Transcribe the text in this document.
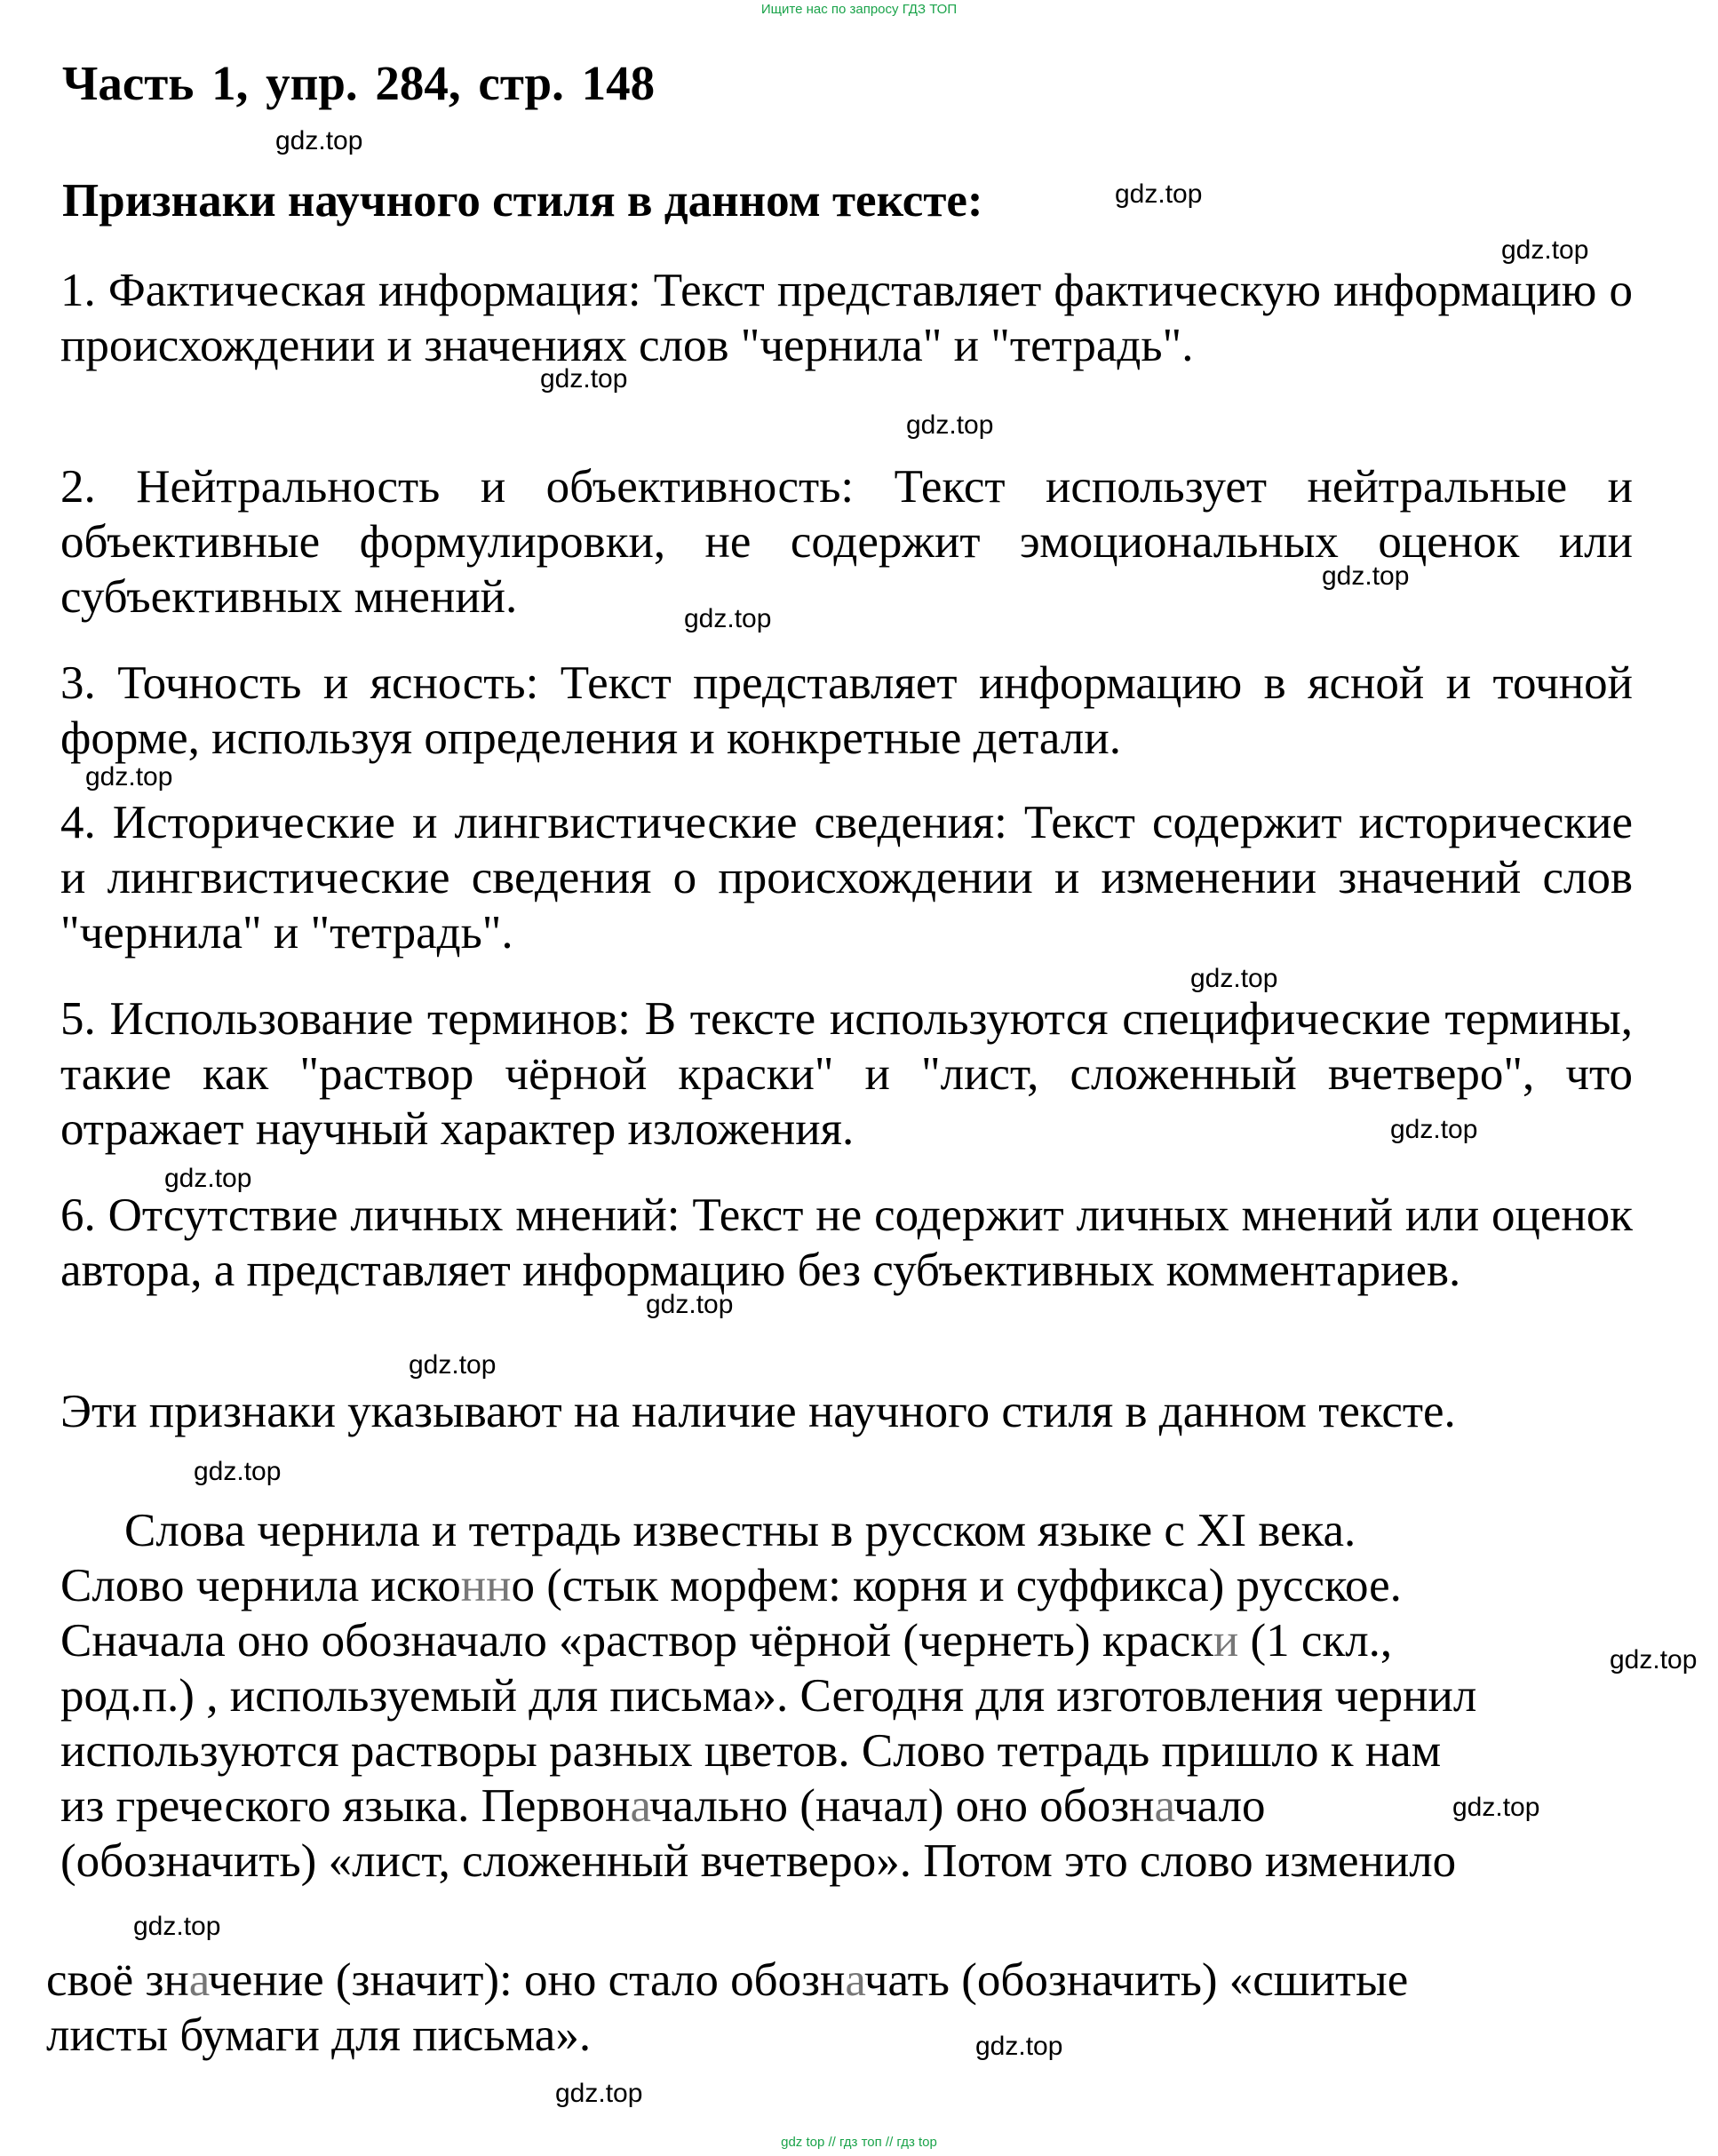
Ищите нас по запросу ГДЗ ТОП
Часть 1, упр. 284, стр. 148
gdz.top
Признаки научного стиля в данном тексте:	gdz.top
gdz.top

1. Фактическая информация: Текст представляет фактическую информацию о происхождении и значениях слов "чернила" и "тетрадь".

gdz.top
gdz.top

2. Нейтральность и объективность: Текст использует нейтральные и объективные формулировки, не содержит эмоциональных оценок или субъективных мнений.	gdz.top
gdz.top

3. Точность и ясность: Текст представляет информацию в ясной и точной форме, используя определения и конкретные детали.

gdz.top

4. Исторические и лингвистические сведения: Текст содержит исторические и лингвистические сведения о происхождении и изменении значений слов "чернила" и "тетрадь".

gdz.top

5. Использование терминов: В тексте используются специфические термины, такие как "раствор чёрной краски" и "лист, сложенный вчетверо", что отражает научный характер изложения.	gdz.top
gdz.top

6. Отсутствие личных мнений: Текст не содержит личных мнений или оценок автора, а представляет информацию без субъективных комментариев.

gdz.top
gdz.top

Эти признаки указывают на наличие научного стиля в данном тексте.

gdz.top

Слова чернила и тетрадь известны в русском языке с XI века.

Слово чернила исконно (стык морфем: корня и суффикса) русское.

Сначала оно обозначало «раствор чёрной (чернеть) краски (1 скл.,	gdz.top

род.п.) , используемый для письма». Сегодня для изготовления чернил

используются растворы разных цветов. Слово тетрадь пришло к нам

из греческого языка. Первоначально (начал) оно обозначало	gdz.top

(обозначить) «лист, сложенный вчетверо». Потом это слово изменило

gdz.top

своё значение (значит): оно стало обозначать (обозначить) «сшитые

листы бумаги для письма».	gdz.top
gdz.top
gdz top // гдз топ // гдз top
